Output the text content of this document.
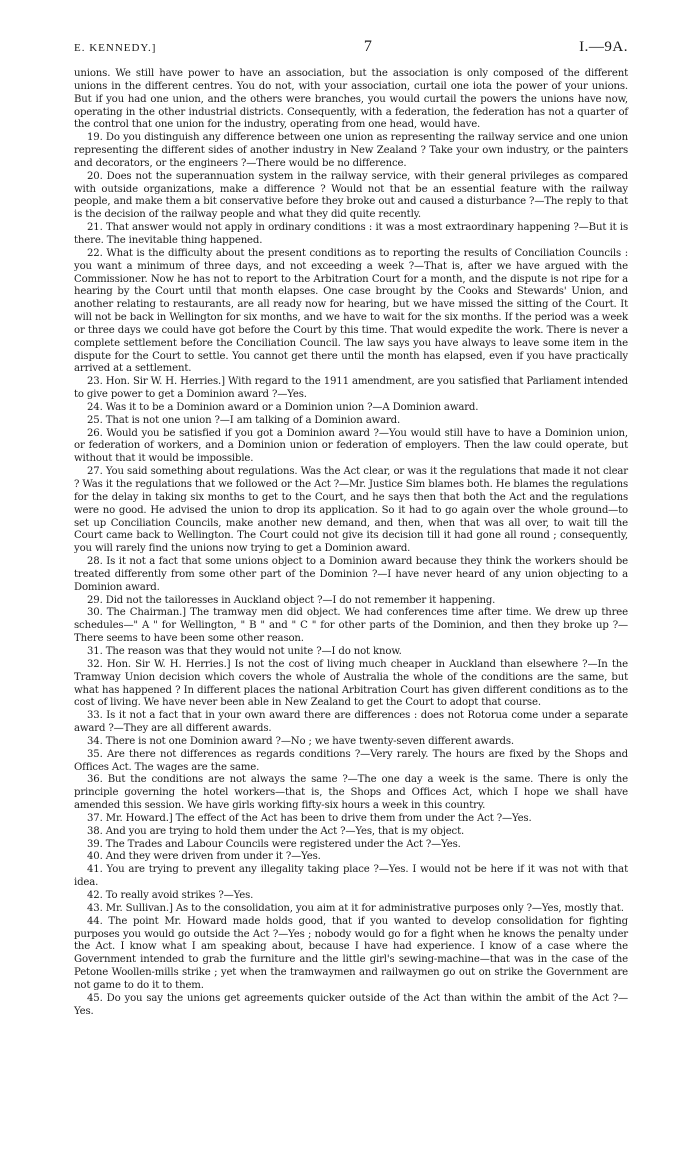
E. KENNEDY.]	7	I.—9A.

unions. We still have power to have an association, but the association is only composed of the different unions in the different centres. You do not, with your association, curtail one iota the power of your unions. But if you had one union, and the others were branches, you would curtail the powers the unions have now, operating in the other industrial districts. Consequently, with a federation, the federation has not a quarter of the control that one union for the industry, operating from one head, would have.

19. Do you distinguish any difference between one union as representing the railway service and one union representing the different sides of another industry in New Zealand ? Take your own industry, or the painters and decorators, or the engineers ?—There would be no difference.

20. Does not the superannuation system in the railway service, with their general privileges as compared with outside organizations, make a difference ? Would not that be an essential feature with the railway people, and make them a bit conservative before they broke out and caused a disturbance ?—The reply to that is the decision of the railway people and what they did quite recently.

21. That answer would not apply in ordinary conditions : it was a most extraordinary happening ?—But it is there. The inevitable thing happened.

22. What is the difficulty about the present conditions as to reporting the results of Conciliation Councils : you want a minimum of three days, and not exceeding a week ?—That is, after we have argued with the Commissioner. Now he has not to report to the Arbitration Court for a month, and the dispute is not ripe for a hearing by the Court until that month elapses. One case brought by the Cooks and Stewards' Union, and another relating to restaurants, are all ready now for hearing, but we have missed the sitting of the Court. It will not be back in Wellington for six months, and we have to wait for the six months. If the period was a week or three days we could have got before the Court by this time. That would expedite the work. There is never a complete settlement before the Conciliation Council. The law says you have always to leave some item in the dispute for the Court to settle. You cannot get there until the month has elapsed, even if you have practically arrived at a settlement.

23. Hon. Sir W. H. Herries.] With regard to the 1911 amendment, are you satisfied that Parliament intended to give power to get a Dominion award ?—Yes.

24. Was it to be a Dominion award or a Dominion union ?—A Dominion award.

25. That is not one union ?—I am talking of a Dominion award.

26. Would you be satisfied if you got a Dominion award ?—You would still have to have a Dominion union, or federation of workers, and a Dominion union or federation of employers. Then the law could operate, but without that it would be impossible.

27. You said something about regulations. Was the Act clear, or was it the regulations that made it not clear ? Was it the regulations that we followed or the Act ?—Mr. Justice Sim blames both. He blames the regulations for the delay in taking six months to get to the Court, and he says then that both the Act and the regulations were no good. He advised the union to drop its application. So it had to go again over the whole ground—to set up Conciliation Councils, make another new demand, and then, when that was all over, to wait till the Court came back to Wellington. The Court could not give its decision till it had gone all round ; consequently, you will rarely find the unions now trying to get a Dominion award.

28. Is it not a fact that some unions object to a Dominion award because they think the workers should be treated differently from some other part of the Dominion ?—I have never heard of any union objecting to a Dominion award.

29. Did not the tailoresses in Auckland object ?—I do not remember it happening.

30. The Chairman.] The tramway men did object. We had conferences time after time. We drew up three schedules—" A " for Wellington, " B " and " C " for other parts of the Dominion, and then they broke up ?—There seems to have been some other reason.

31. The reason was that they would not unite ?—I do not know.

32. Hon. Sir W. H. Herries.] Is not the cost of living much cheaper in Auckland than elsewhere ?—In the Tramway Union decision which covers the whole of Australia the whole of the conditions are the same, but what has happened ? In different places the national Arbitration Court has given different conditions as to the cost of living. We have never been able in New Zealand to get the Court to adopt that course.

33. Is it not a fact that in your own award there are differences : does not Rotorua come under a separate award ?—They are all different awards.

34. There is not one Dominion award ?—No ; we have twenty-seven different awards.

35. Are there not differences as regards conditions ?—Very rarely. The hours are fixed by the Shops and Offices Act. The wages are the same.

36. But the conditions are not always the same ?—The one day a week is the same. There is only the principle governing the hotel workers—that is, the Shops and Offices Act, which I hope we shall have amended this session. We have girls working fifty-six hours a week in this country.

37. Mr. Howard.] The effect of the Act has been to drive them from under the Act ?—Yes.

38. And you are trying to hold them under the Act ?—Yes, that is my object.

39. The Trades and Labour Councils were registered under the Act ?—Yes.

40. And they were driven from under it ?—Yes.

41. You are trying to prevent any illegality taking place ?—Yes. I would not be here if it was not with that idea.

42. To really avoid strikes ?—Yes.

43. Mr. Sullivan.] As to the consolidation, you aim at it for administrative purposes only ?—Yes, mostly that.

44. The point Mr. Howard made holds good, that if you wanted to develop consolidation for fighting purposes you would go outside the Act ?—Yes ; nobody would go for a fight when he knows the penalty under the Act. I know what I am speaking about, because I have had experience. I know of a case where the Government intended to grab the furniture and the little girl's sewing-machine—that was in the case of the Petone Woollen-mills strike ; yet when the tramwaymen and railwaymen go out on strike the Government are not game to do it to them.

45. Do you say the unions get agreements quicker outside of the Act than within the ambit of the Act ?—Yes.
